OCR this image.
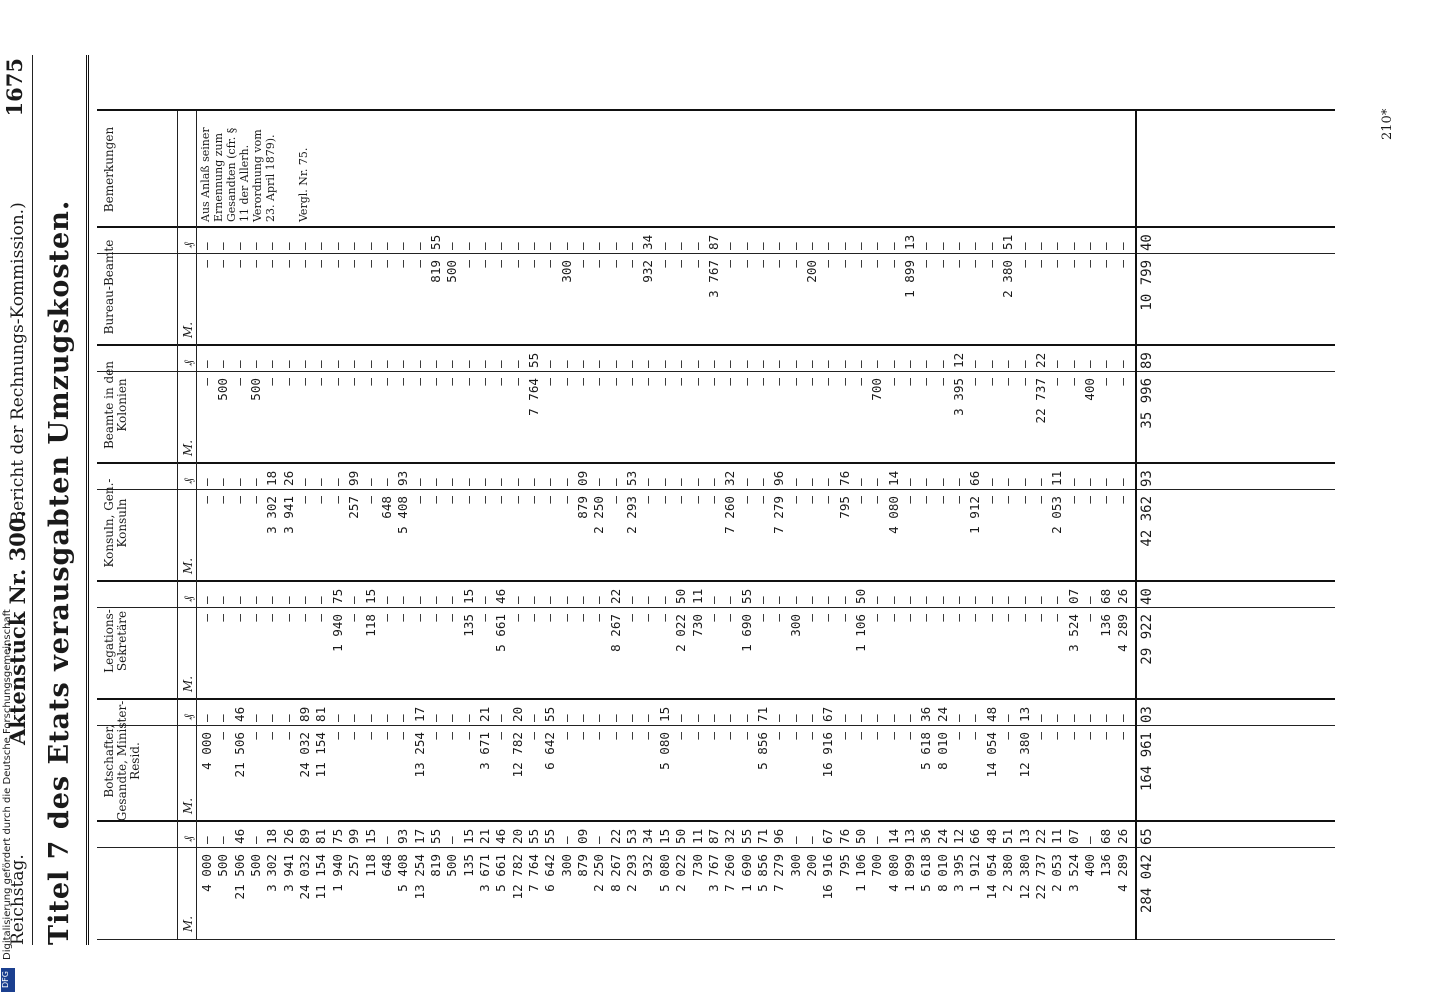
Reichstag.
Aktenstück Nr. 300.
(Bericht der Rechnungs-Kommission.)
1675
Titel 7 des Etats verausgabten Umzugskosten.	M.
₰
Botschafter, Gesandte, Minister-Resid.
M.
₰
Legations-Sekretäre
M.
₰
Konsuln, Gen.-Konsuln
M.
₰
Beamte in den Kolonien
M.
₰
Bureau-Beamte	M.
₰
Bemerkungen
4 000
—
500
—
21 506
46
500
—
3 302
18
3 941
26
24 032
89
11 154
81
1 940
75
257
99
118
15
648
—
5 408
93
13 254
17
819
55
500
—
135
15
3 671
21
5 661
46
12 782
20
7 764
55
6 642
55
300
—
879
09
2 250
—
8 267
22
2 293
53
932
34
5 080
15
2 022
50
730
11
3 767
87
7 260
32
1 690
55
5 856
71
7 279
96
300
—
200
—
16 916
67
795
76
1 106
50
700
—
4 080
14
1 899
13
5 618
36
8 010
24
3 395
12
1 912
66
14 054
48
2 380
51
12 380
13
22 737
22
2 053
11
3 524
07
400
—
136
68
4 289
26
4 000
—
—
—
21 506
46
—
—
—
—
—
—
24 032
89
11 154
81
—
—
—
—
—
—
—
—
—
—
13 254
17
—
—
—
—
—
—
3 671
21
—
—
12 782
20
—
—
6 642
55
—
—
—
—
—
—
—
—
—
—
—
—
5 080
15
—
—
—
—
—
—
—
—
—
—
5 856
71
—
—
—
—
—
—
16 916
67
—
—
—
—
—
—
—
—
—
—
5 618
36
8 010
24
—
—
—
—
14 054
48
—
—
12 380
13
—
—
—
—
—
—
—
—
—
—
—
—
—
—
—
—
—
—
—
—
—
—
—
—
—
—
—
—
1 940
75
—
—
118
15
—
—
—
—
—
—
—
—
—
—
135
15
—
—
5 661
46
—
—
—
—
—
—
—
—
—
—
—
—
8 267
22
—
—
—
—
—
—
2 022
50
730
11
—
—
—
—
1 690
55
—
—
—
—
300
—
—
—
—
—
—
—
1 106
50
—
—
—
—
—
—
—
—
—
—
—
—
—
—
—
—
—
—
—
—
—
—
—
—
3 524
07
—
—
136
68
4 289
26
—
—
—
—
—
—
—
—
3 302
18
3 941
26
—
—
—
—
—
—
257
99
—
—
648
—
5 408
93
—
—
—
—
—
—
—
—
—
—
—
—
—
—
—
—
—
—
—
—
879
09
2 250
—
—
—
2 293
53
—
—
—
—
—
—
—
—
—
—
7 260
32
—
—
—
—
7 279
96
—
—
—
—
—
—
795
76
—
—
—
—
4 080
14
—
—
—
—
—
—
—
—
1 912
66
—
—
—
—
—
—
—
—
2 053
11
—
—
—
—
—
—
—
—
—
—
500
—
—
—
500
—
—
—
—
—
—
—
—
—
—
—
—
—
—
—
—
—
—
—
—
—
—
—
—
—
—
—
—
—
—
—
—
—
7 764
55
—
—
—
—
—
—
—
—
—
—
—
—
—
—
—
—
—
—
—
—
—
—
—
—
—
—
—
—
—
—
—
—
—
—
—
—
—
—
—
—
700
—
—
—
—
—
—
—
—
—
3 395
12
—
—
—
—
—
—
—
—
22 737
22
—
—
—
—
400
—
—
—
—
—
—
—
—
—
—
—
—
—
—
—
—
—
—
—
—
—
—
—
—
—
—
—
—
—
—
—
—
—
819
55
500
—
—
—
—
—
—
—
—
—
—
—
—
—
300
—
—
—
—
—
—
—
—
—
932
34
—
—
—
—
—
—
3 767
87
—
—
—
—
—
—
—
—
—
—
200
—
—
—
—
—
—
—
—
—
—
—
1 899
13
—
—
—
—
—
—
—
—
—
—
2 380
51
—
—
—
—
—
—
—
—
—
—
—
—
—
—
Aus Anlaß seiner Ernennung zum Gesandten (cfr. § 11 der Allerh. Verordnung vom 23. April 1879). Vergl. Nr. 75.
284 042
65
164 961
03
29 922
40
42 362
93
35 996
89
10 799
40
210*
Digitalisierung gefördert durch die Deutsche Forschungsgemeinschaft
DFG
